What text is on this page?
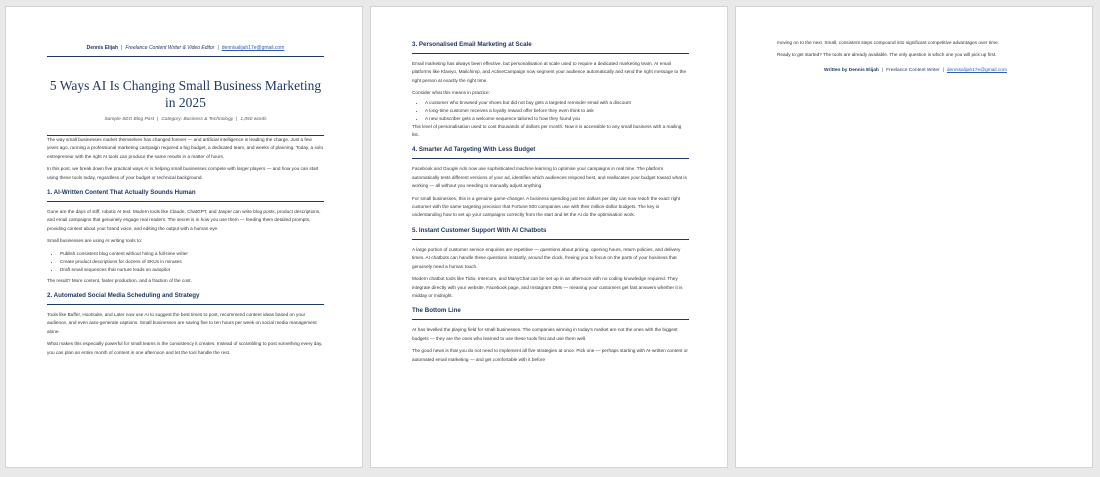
Dennis Elijah | Freelance Content Writer & Video Editor | dennisalijah17e@gmail.com
5 Ways AI Is Changing Small Business Marketing in 2025
Sample SEO Blog Post | Category: Business & Technology | 1,050 words

The way small businesses market themselves has changed forever — and artificial intelligence is leading the charge. Just a few years ago, running a professional marketing campaign required a big budget, a dedicated team, and weeks of planning. Today, a solo entrepreneur with the right AI tools can produce the same results in a matter of hours.

In this post, we break down five practical ways AI is helping small businesses compete with larger players — and how you can start using these tools today, regardless of your budget or technical background.

1. AI-Written Content That Actually Sounds Human

Gone are the days of stiff, robotic AI text. Modern tools like Claude, ChatGPT, and Jasper can write blog posts, product descriptions, and email campaigns that genuinely engage real readers. The secret is in how you use them — feeding them detailed prompts, providing context about your brand voice, and editing the output with a human eye.

Small businesses are using AI writing tools to:

• Publish consistent blog content without hiring a full-time writer
• Create product descriptions for dozens of SKUs in minutes
• Draft email sequences that nurture leads on autopilot

The result? More content, faster production, and a fraction of the cost.

2. Automated Social Media Scheduling and Strategy

Tools like Buffer, Hootsuite, and Later now use AI to suggest the best times to post, recommend content ideas based on your audience, and even auto-generate captions. Small businesses are saving five to ten hours per week on social media management alone.

What makes this especially powerful for small teams is the consistency it creates. Instead of scrambling to post something every day, you can plan an entire month of content in one afternoon and let the tool handle the rest.

3. Personalised Email Marketing at Scale

Email marketing has always been effective, but personalisation at scale used to require a dedicated marketing team. AI email platforms like Klaviyo, Mailchimp, and ActiveCampaign now segment your audience automatically and send the right message to the right person at exactly the right time.

Consider what this means in practice:

• A customer who browsed your shoes but did not buy gets a targeted reminder email with a discount
• A long-time customer receives a loyalty reward offer before they even think to ask
• A new subscriber gets a welcome sequence tailored to how they found you

This level of personalisation used to cost thousands of dollars per month. Now it is accessible to any small business with a mailing list.

4. Smarter Ad Targeting With Less Budget

Facebook and Google Ads now use sophisticated machine learning to optimise your campaigns in real time. The platform automatically tests different versions of your ad, identifies which audiences respond best, and reallocates your budget toward what is working — all without you needing to manually adjust anything.

For small businesses, this is a genuine game-changer. A business spending just ten dollars per day can now reach the exact right customer with the same targeting precision that Fortune 500 companies use with their million-dollar budgets. The key is understanding how to set up your campaigns correctly from the start and let the AI do the optimisation work.

5. Instant Customer Support With AI Chatbots

A large portion of customer service enquiries are repetitive — questions about pricing, opening hours, return policies, and delivery times. AI chatbots can handle these questions instantly, around the clock, freeing you to focus on the parts of your business that genuinely need a human touch.

Modern chatbot tools like Tidio, Intercom, and ManyChat can be set up in an afternoon with no coding knowledge required. They integrate directly with your website, Facebook page, and Instagram DMs — meaning your customers get fast answers whether it is midday or midnight.

The Bottom Line

AI has levelled the playing field for small businesses. The companies winning in today's market are not the ones with the biggest budgets — they are the ones who learned to use these tools first and use them well.

The good news is that you do not need to implement all five strategies at once. Pick one — perhaps starting with AI-written content or automated email marketing — and get comfortable with it before

moving on to the next. Small, consistent steps compound into significant competitive advantages over time.

Ready to get started? The tools are already available. The only question is which one you will pick up first.

Written by Dennis Elijah | Freelance Content Writer | dennisalijah17e@gmail.com
